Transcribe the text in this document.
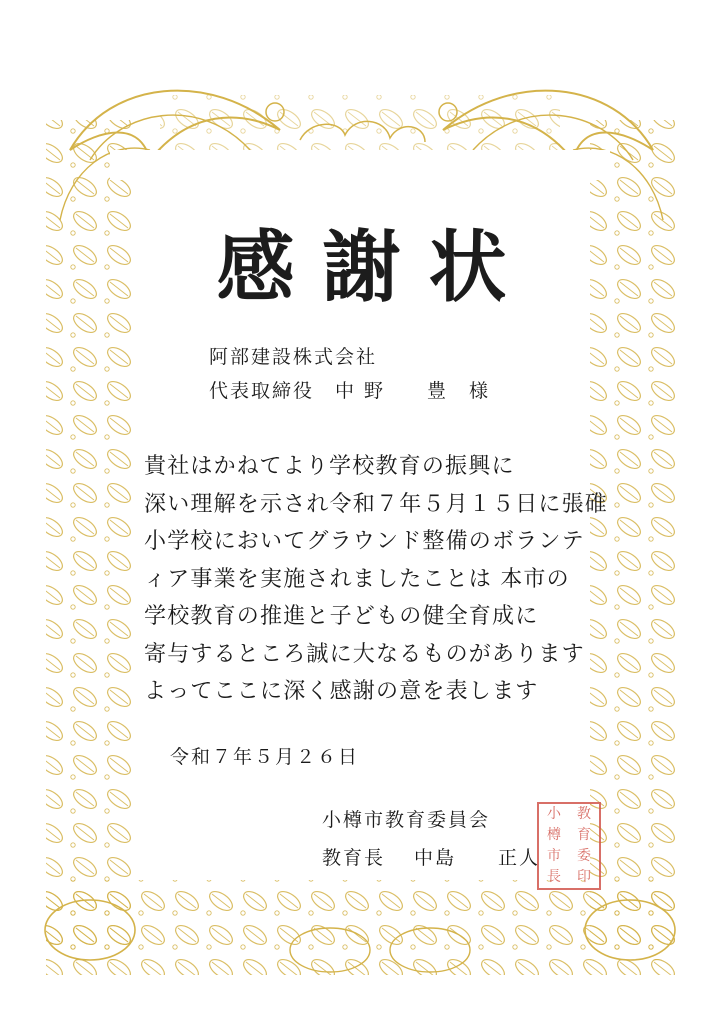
感謝状
阿部建設株式会社
代表取締役　中 野　　豊　様
貴社はかねてより学校教育の振興に
深い理解を示され令和７年５月１５日に張碓
小学校においてグラウンド整備のボランテ
ィア事業を実施されましたことは 本市の
学校教育の推進と子どもの健全育成に
寄与するところ誠に大なるものがあります
よってここに深く感謝の意を表します
令和７年５月２６日
小樽市教育委員会
教育長　 中島　　正人
小	教
樽	育
市	委
長	印
